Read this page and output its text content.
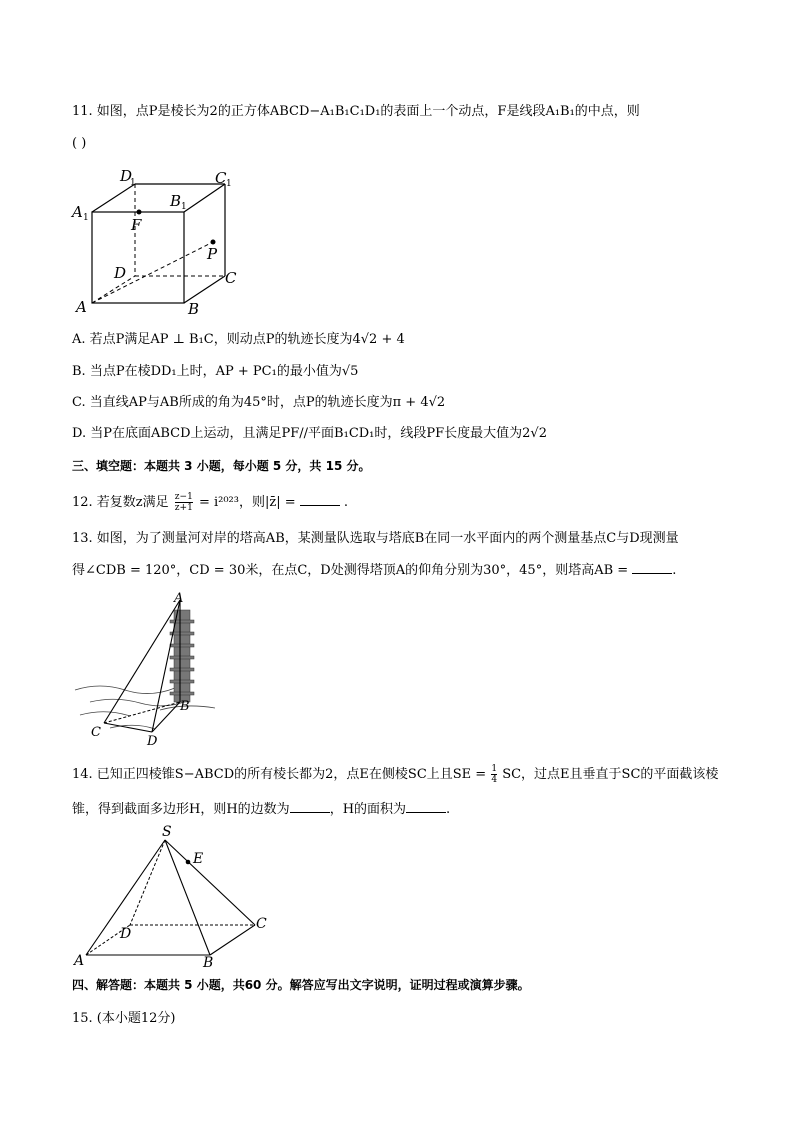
11. 如图，点P是棱长为2的正方体ABCD−A₁B₁C₁D₁的表面上一个动点，F是线段A₁B₁的中点，则
( )
D
1	C 1
A 1
B 1
F
P
D	C
A	B
A. 若点P满足AP ⊥ B₁C，则动点P的轨迹长度为4√2 + 4
B. 当点P在棱DD₁上时，AP + PC₁的最小值为√5
C. 当直线AP与AB所成的角为45°时，点P的轨迹长度为π + 4√2
D. 当P在底面ABCD上运动，且满足PF//平面B₁CD₁时，线段PF长度最大值为2√2
三、填空题：本题共 3 小题，每小题 5 分，共 15 分。
12. 若复数z满足 $\frac{z-1}{z+1} = i^{2023}$，则|z̄| =	.
13. 如图，为了测量河对岸的塔高AB，某测量队选取与塔底B在同一水平面内的两个测量基点C与D现测量
得∠CDB = 120°，CD = 30米，在点C，D处测得塔顶A的仰角分别为30°，45°，则塔高AB =	.
A
B
C
D
14. 已知正四棱锥S−ABCD的所有棱长都为2，点E在侧棱SC上且SE = $\frac{1}{4}$ SC，过点E且垂直于SC的平面截该棱
锥，得到截面多边形H，则H的边数为	，H的面积为	.
S
E
A	B
C
D
四、解答题：本题共 5 小题，共60 分。解答应写出文字说明，证明过程或演算步骤。
15. (本小题12分)
